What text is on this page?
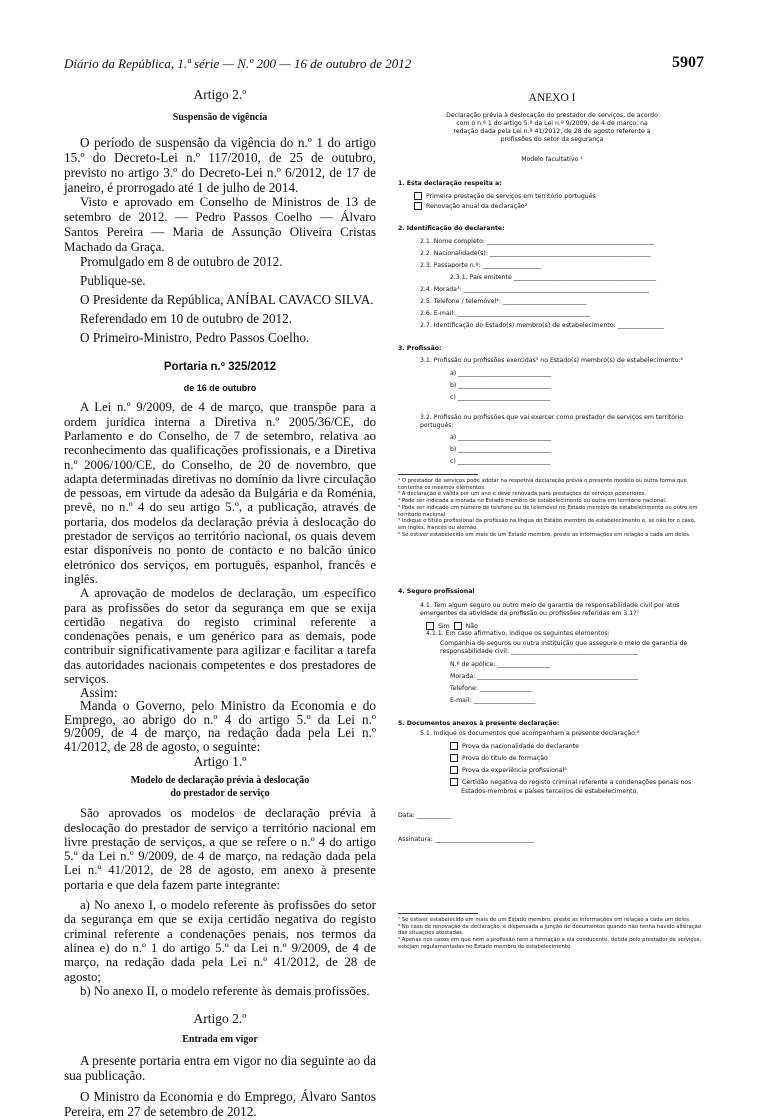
Diário da República, 1.ª série — N.º 200 — 16 de outubro de 2012	5907
Artigo 2.º
Suspensão de vigência

O período de suspensão da vigência do n.º 1 do artigo 15.º do Decreto-Lei n.º 117/2010, de 25 de outubro, previsto no artigo 3.º do Decreto-Lei n.º 6/2012, de 17 de janeiro, é prorrogado até 1 de julho de 2014.

Visto e aprovado em Conselho de Ministros de 13 de setembro de 2012. — Pedro Passos Coelho — Álvaro Santos Pereira — Maria de Assunção Oliveira Cristas Machado da Graça.

Promulgado em 8 de outubro de 2012.

Publique-se.

O Presidente da República, ANÍBAL CAVACO SILVA.

Referendado em 10 de outubro de 2012.

O Primeiro-Ministro, Pedro Passos Coelho.

Portaria n.º 325/2012
de 16 de outubro

A Lei n.º 9/2009, de 4 de março, que transpõe para a ordem jurídica interna a Diretiva n.º 2005/36/CE, do Parlamento e do Conselho, de 7 de setembro, relativa ao reconhecimento das qualificações profissionais, e a Diretiva n.º 2006/100/CE, do Conselho, de 20 de novembro, que adapta determinadas diretivas no domínio da livre circulação de pessoas, em virtude da adesão da Bulgária e da Roménia, prevê, no n.º 4 do seu artigo 5.º, a publicação, através de portaria, dos modelos da declaração prévia à deslocação do prestador de serviços ao território nacional, os quais devem estar disponíveis no ponto de contacto e no balcão único eletrónico dos serviços, em português, espanhol, francês e inglês.

A aprovação de modelos de declaração, um específico para as profissões do setor da segurança em que se exija certidão negativa do registo criminal referente a condenações penais, e um genérico para as demais, pode contribuir significativamente para agilizar e facilitar a tarefa das autoridades nacionais competentes e dos prestadores de serviços.

Assim:

Manda o Governo, pelo Ministro da Economia e do Emprego, ao abrigo do n.º 4 do artigo 5.º da Lei n.º 9/2009, de 4 de março, na redação dada pela Lei n.º 41/2012, de 28 de agosto, o seguinte:

Artigo 1.º
Modelo de declaração prévia à deslocação do prestador de serviço

São aprovados os modelos de declaração prévia à deslocação do prestador de serviço a território nacional em livre prestação de serviços, a que se refere o n.º 4 do artigo 5.º da Lei n.º 9/2009, de 4 de março, na redação dada pela Lei n.º 41/2012, de 28 de agosto, em anexo à presente portaria e que dela fazem parte integrante:

a) No anexo I, o modelo referente às profissões do setor da segurança em que se exija certidão negativa do registo criminal referente a condenações penais, nos termos da alínea e) do n.º 1 do artigo 5.º da Lei n.º 9/2009, de 4 de março, na redação dada pela Lei n.º 41/2012, de 28 de agosto;

b) No anexo II, o modelo referente às demais profissões.

Artigo 2.º
Entrada em vigor

A presente portaria entra em vigor no dia seguinte ao da sua publicação.

O Ministro da Economia e do Emprego, Álvaro Santos Pereira, em 27 de setembro de 2012.

ANEXO I
Declaração prévia à deslocação do prestador de serviços, de acordo
com o n.º 1 do artigo 5.º da Lei n.º 9/2009, de 4 de março, na
redação dada pela Lei n.º 41/2012, de 28 de agosto referente a
profissões do setor da segurança
Modelo facultativo ¹
1. Esta declaração respeita a:
Primeira prestação de serviços em território português
Renovação anual da declaração²
2. Identificação do declarante:
2.1. Nome completo: ______________________________________________________
2.2. Nacionalidade(s): ____________________________________________________
2.3. Passaporte n.º: ___________________
2.3.1. País emitente ______________________________________________
2.4. Morada³: ____________________________________________________________
2.5. Telefone / telemóvel⁴: ___________________________
2.6. E-mail: ___________________________________________
2.7. Identificação do Estado(s) membro(s) de estabelecimento: _______________
3. Profissão:
3.1. Profissão ou profissões exercidas⁵ no Estado(s) membro(s) de estabelecimento:⁶
a) ______________________________
b) ______________________________
c) ______________________________
3.2. Profissão ou profissões que vai exercer como prestador de serviços em território
português:
a) ______________________________
b) ______________________________
c) ______________________________
4. Seguro profissional
4.1. Tem algum seguro ou outro meio de garantia de responsabilidade civil por atos
emergentes da atividade da profissão ou profissões referidas em 3.1?⁷
Sim	Não
4.1.1. Em caso afirmativo, indique os seguintes elementos:
Companhia de seguros ou outra instituição que assegure o meio de garantia de
responsabilidade civil: _________________________________________
N.º de apólice: _________________
Morada: ____________________________________________________
Telefone: _________________
E-mail: ____________________
5. Documentos anexos à presente declaração:
5.1. Indique os documentos que acompanham a presente declaração:⁸
Prova da nacionalidade do declarante
Prova do título de formação
Prova da experiência profissional⁹
Certidão negativa do registo criminal referente a condenações penais nos
Estados-membros e países terceiros de estabelecimento.
Data: ___________
Assinatura: ________________________________
¹ O prestador de serviços pode adotar na respetiva declaração prévia o presente modelo ou outra forma que contenha os mesmos elementos.
² A declaração é válida por um ano e deve renovada para prestações de serviços posteriores.
³ Pode ser indicada a morada no Estado membro de estabelecimento ou outra em território nacional.
⁴ Pode ser indicado um número de telefone ou de telemóvel no Estado membro de estabelecimento ou outro em território nacional.
⁵ Indique o título profissional da profissão na língua do Estado membro de estabelecimento e, se não for o caso, em inglês, francês ou alemão.
⁶ Se estiver estabelecido em mais de um Estado membro, preste as informações em relação a cada um deles.
⁷ Se estiver estabelecido em mais de um Estado membro, preste as informações em relação a cada um deles.
⁸ No caso de renovação da declaração, é dispensada a junção de documentos quando não tenha havido alteração das situações atestadas.
⁹ Apenas nos casos em que nem a profissão nem a formação a ela conducente, detida pelo prestador de serviços, estejam regulamentadas no Estado membro de estabelecimento.
